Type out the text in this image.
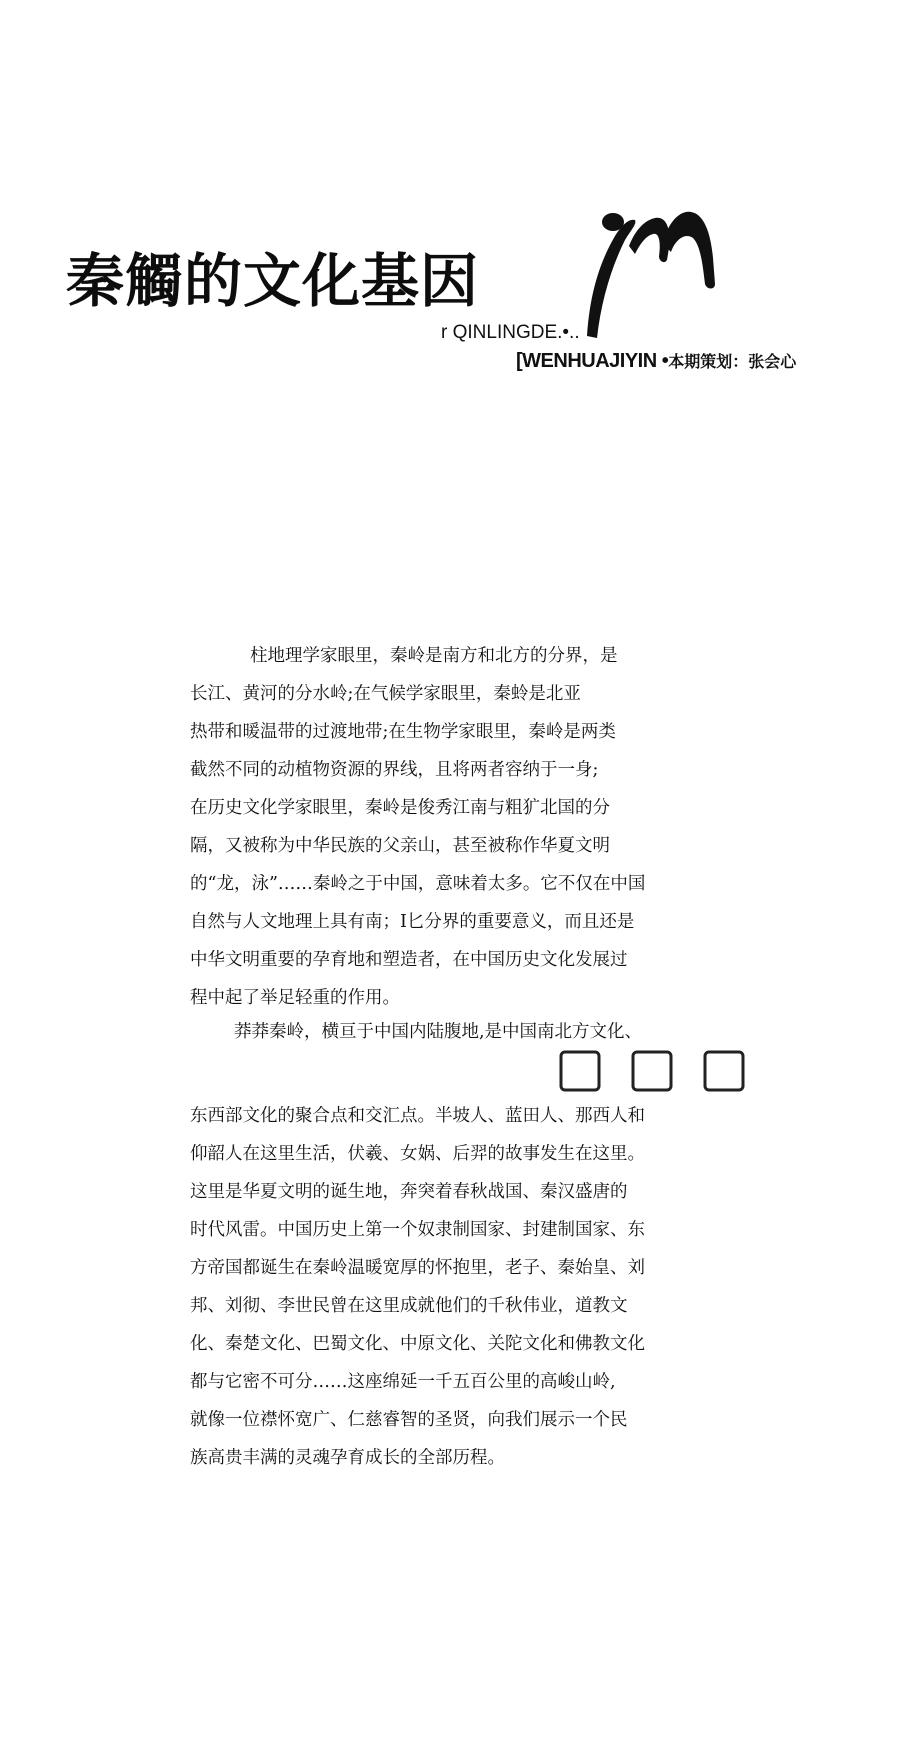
秦觸的文化基因
r QINLINGDE.•..
[WENHUAJIYIN •本期策划：张会心
柱地理学家眼里，秦岭是南方和北方的分界，是
长江、黄河的分水岭;在气候学家眼里，秦蛉是北亚
热带和暖温带的过渡地带;在生物学家眼里，秦岭是两类
截然不同的动植物资源的界线，且将两者容纳于一身;
在历史文化学家眼里，秦岭是俊秀江南与粗犷北国的分
隔，又被称为中华民族的父亲山，甚至被称作华夏文明
的“龙，泳”……秦岭之于中国，意味着太多。它不仅在中国
自然与人文地理上具有南；I匕分界的重要意义，而且还是
中华文明重要的孕育地和塑造者，在中国历史文化发展过
程中起了举足轻重的作用。
莽莽秦岭，横亘于中国内陆腹地,是中国南北方文化、
东西部文化的聚合点和交汇点。半坡人、蓝田人、那西人和
仰韶人在这里生活，伏羲、女娲、后羿的故事发生在这里。
这里是华夏文明的诞生地，奔突着春秋战国、秦汉盛唐的
时代风雷。中国历史上第一个奴隶制国家、封建制国家、东
方帝国都诞生在秦岭温暖宽厚的怀抱里，老子、秦始皇、刘
邦、刘彻、李世民曾在这里成就他们的千秋伟业，道教文
化、秦楚文化、巴蜀文化、中原文化、关陀文化和佛教文化
都与它密不可分……这座绵延一千五百公里的高峻山岭,
就像一位襟怀宽广、仁慈睿智的圣贤，向我们展示一个民
族高贵丰满的灵魂孕育成长的全部历程。
